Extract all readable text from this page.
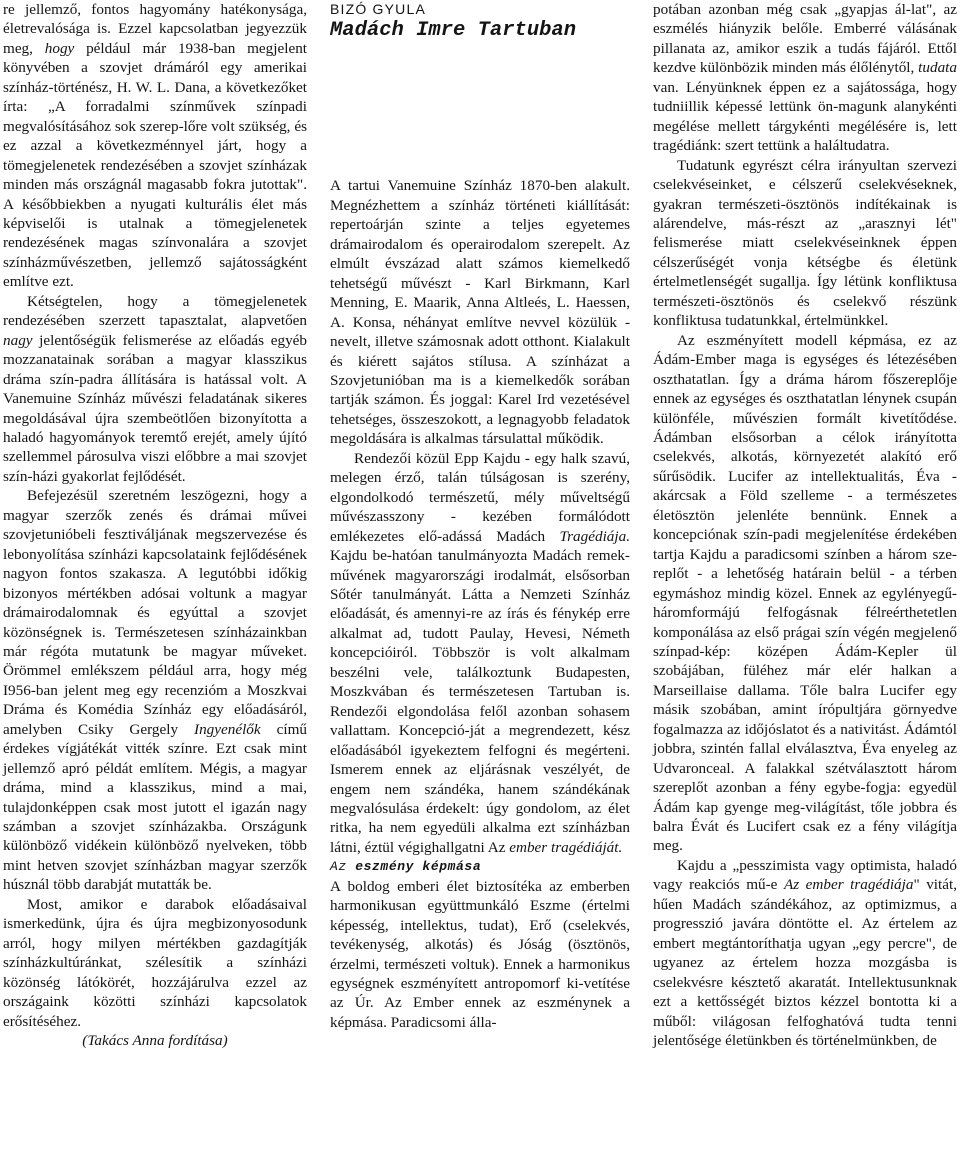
re jellemző, fontos hagyomány hatékonysága, életrevalósága is. Ezzel kapcsolatban jegyezzük meg, hogy például már 1938-ban megjelent könyvében a szovjet drámáról egy amerikai színház-történész, H. W. L. Dana, a következőket írta: „A forradalmi színművek színpadi megvalósításához sok szerep-lőre volt szükség, és ez azzal a következménnyel járt, hogy a tömegjelenetek rendezésében a szovjet színházak minden más országnál magasabb fokra jutottak". A későbbiekben a nyugati kulturális élet más képviselői is utalnak a tömegjelenetek rendezésének magas színvonalára a szovjet színházművészetben, jellemző sajátosságként említve ezt.

Kétségtelen, hogy a tömegjelenetek rendezésében szerzett tapasztalat, alapvetően nagy jelentőségük felismerése az előadás egyéb mozzanatainak sorában a magyar klasszikus dráma szín-padra állítására is hatással volt. A Vanemuine Színház művészi feladatának sikeres megoldásával újra szembeötlően bizonyította a haladó hagyományok teremtő erejét, amely újító szellemmel párosulva viszi előbbre a mai szovjet szín-házi gyakorlat fejlődését.

Befejezésül szeretném leszögezni, hogy a magyar szerzők zenés és drámai művei szovjetunióbeli fesztiváljának megszervezése és lebonyolítása színházi kapcsolataink fejlődésének nagyon fontos szakasza. A legutóbbi időkig bizonyos mértékben adósai voltunk a magyar drámairodalomnak és egyúttal a szovjet közönségnek is. Természetesen színházainkban már régóta mutatunk be magyar műveket. Örömmel emlékszem például arra, hogy még I956-ban jelent meg egy recenzióm a Moszkvai Dráma és Komédia Színház egy előadásáról, amelyben Csiky Gergely Ingyenélők című érdekes vígjátékát vitték színre. Ezt csak mint jellemző apró példát említem. Mégis, a magyar dráma, mind a klasszikus, mind a mai, tulajdonképpen csak most jutott el igazán nagy számban a szovjet színházakba. Országunk különböző vidékein különböző nyelveken, több mint hetven szovjet színházban magyar szerzők húsznál több darabját mutatták be.

Most, amikor e darabok előadásaival ismerkedünk, újra és újra megbizonyosodunk arról, hogy milyen mértékben gazdagítják színházkultúránkat, szélesítik a színházi közönség látókörét, hozzájárulva ezzel az országaink közötti színházi kapcsolatok erősítéséhez.

(Takács Anna fordítása)

BIZÓ GYULA

Madách Imre Tartuban

A tartui Vanemuine Színház 1870-ben alakult. Megnézhettem a színház történeti kiállítását: repertoárján szinte a teljes egyetemes drámairodalom és operairodalom szerepelt. Az elmúlt évszázad alatt számos kiemelkedő tehetségű művészt - Karl Birkmann, Karl Menning, E. Maarik, Anna Altleés, L. Haessen, A. Konsa, néhányat említve nevvel közülük - nevelt, illetve számosnak adott otthont. Kialakult és kiérett sajátos stílusa. A színházat a Szovjetunióban ma is a kiemelkedők sorában tartják számon. És joggal: Karel Ird vezetésével tehetséges, összeszokott, a legnagyobb feladatok megoldására is alkalmas társulattal működik.

Rendezői közül Epp Kajdu - egy halk szavú, melegen érző, talán túlságosan is szerény, elgondolkodó természetű, mély műveltségű művészasszony - kezében formálódott emlékezetes elő-adássá Madách Tragédiája. Kajdu be-hatóan tanulmányozta Madách remek-művének magyarországi irodalmát, elsősorban Sőtér tanulmányát. Látta a Nemzeti Színház előadását, és amennyi-re az írás és fénykép erre alkalmat ad, tudott Paulay, Hevesi, Németh koncepcióiról. Többször is volt alkalmam beszélni vele, találkoztunk Budapesten, Moszkvában és természetesen Tartuban is. Rendezői elgondolása felől azonban sohasem vallattam. Koncepció-ját a megrendezett, kész előadásából igyekeztem felfogni és megérteni. Ismerem ennek az eljárásnak veszélyét, de engem nem szándéka, hanem szándékának megvalósulása érdekelt: úgy gondolom, az élet ritka, ha nem egyedüli alkalma ezt színházban látni, éztül végighallgatni Az ember tragédiáját.

Az eszmény képmása

A boldog emberi élet biztosítéka az emberben harmonikusan együttmunkáló Eszme (értelmi képesség, intellektus, tudat), Erő (cselekvés, tevékenység, alkotás) és Jóság (ösztönös, érzelmi, természeti voltuk). Ennek a harmonikus egységnek eszményített antropomorf ki-vetítése az Úr. Az Ember ennek az eszménynek a képmása. Paradicsomi álla-

potában azonban még csak „gyapjas ál-lat", az eszmélés hiányzik belőle. Emberré válásának pillanata az, amikor eszik a tudás fájáról. Ettől kezdve különbözik minden más élőlénytől, tudata van. Lényünknek éppen ez a sajátossága, hogy tudniillik képessé lettünk ön-magunk alanykénti megélése mellett tárgykénti megélésére is, lett tragédiánk: szert tettünk a haláltudatra.

Tudatunk egyrészt célra irányultan szervezi cselekvéseinket, e célszerű cselekvéseknek, gyakran természeti-ösztönös indítékainak is alárendelve, más-részt az „arasznyi lét" felismerése miatt cselekvéseinknek éppen célszerűségét vonja kétségbe és életünk értelmetlenségét sugallja. Így létünk konfliktusa természeti-ösztönös és cselekvő részünk konfliktusa tudatunkkal, értelmünkkel.

Az eszményített modell képmása, ez az Ádám-Ember maga is egységes és létezésében oszthatatlan. Így a dráma három főszereplője ennek az egységes és oszthatatlan lénynek csupán különféle, művészien formált kivetítődése. Ádámban elsősorban a célok irányította cselekvés, alkotás, környezetét alakító erő sűrűsödik. Lucifer az intellektualitás, Éva - akárcsak a Föld szelleme - a természetes életösztön jelenléte bennünk. Ennek a koncepciónak szín-padi megjelenítése érdekében tartja Kajdu a paradicsomi színben a három sze-replőt - a lehetőség határain belül - a térben egymáshoz mindig közel. Ennek az egylényegű-háromformájú felfogásnak félreérthetetlen komponálása az első prágai szín végén megjelenő színpad-kép: középen Ádám-Kepler ül szobájában, füléhez már elér halkan a Marseillaise dallama. Tőle balra Lucifer egy másik szobában, amint írópultjára görnyedve fogalmazza az időjóslatot és a nativitást. Ádámtól jobbra, szintén fallal elválasztva, Éva enyeleg az Udvaronceal. A falakkal szétválasztott három szereplőt azonban a fény egybe-fogja: egyedül Ádám kap gyenge meg-világítást, tőle jobbra és balra Évát és Lucifert csak ez a fény világítja meg.

Kajdu a „pesszimista vagy optimista, haladó vagy reakciós mű-e Az ember tragédiája" vitát, hűen Madách szándékához, az optimizmus, a progresszió javára döntötte el. Az értelem az embert megtántoríthatja ugyan „egy percre", de ugyanez az értelem hozza mozgásba is cselekvésre késztető akaratát. Intellektusunknak ezt a kettősségét biztos kézzel bontotta ki a műből: világosan felfoghatóvá tudta tenni jelentősége életünkben és történelmünkben, de
